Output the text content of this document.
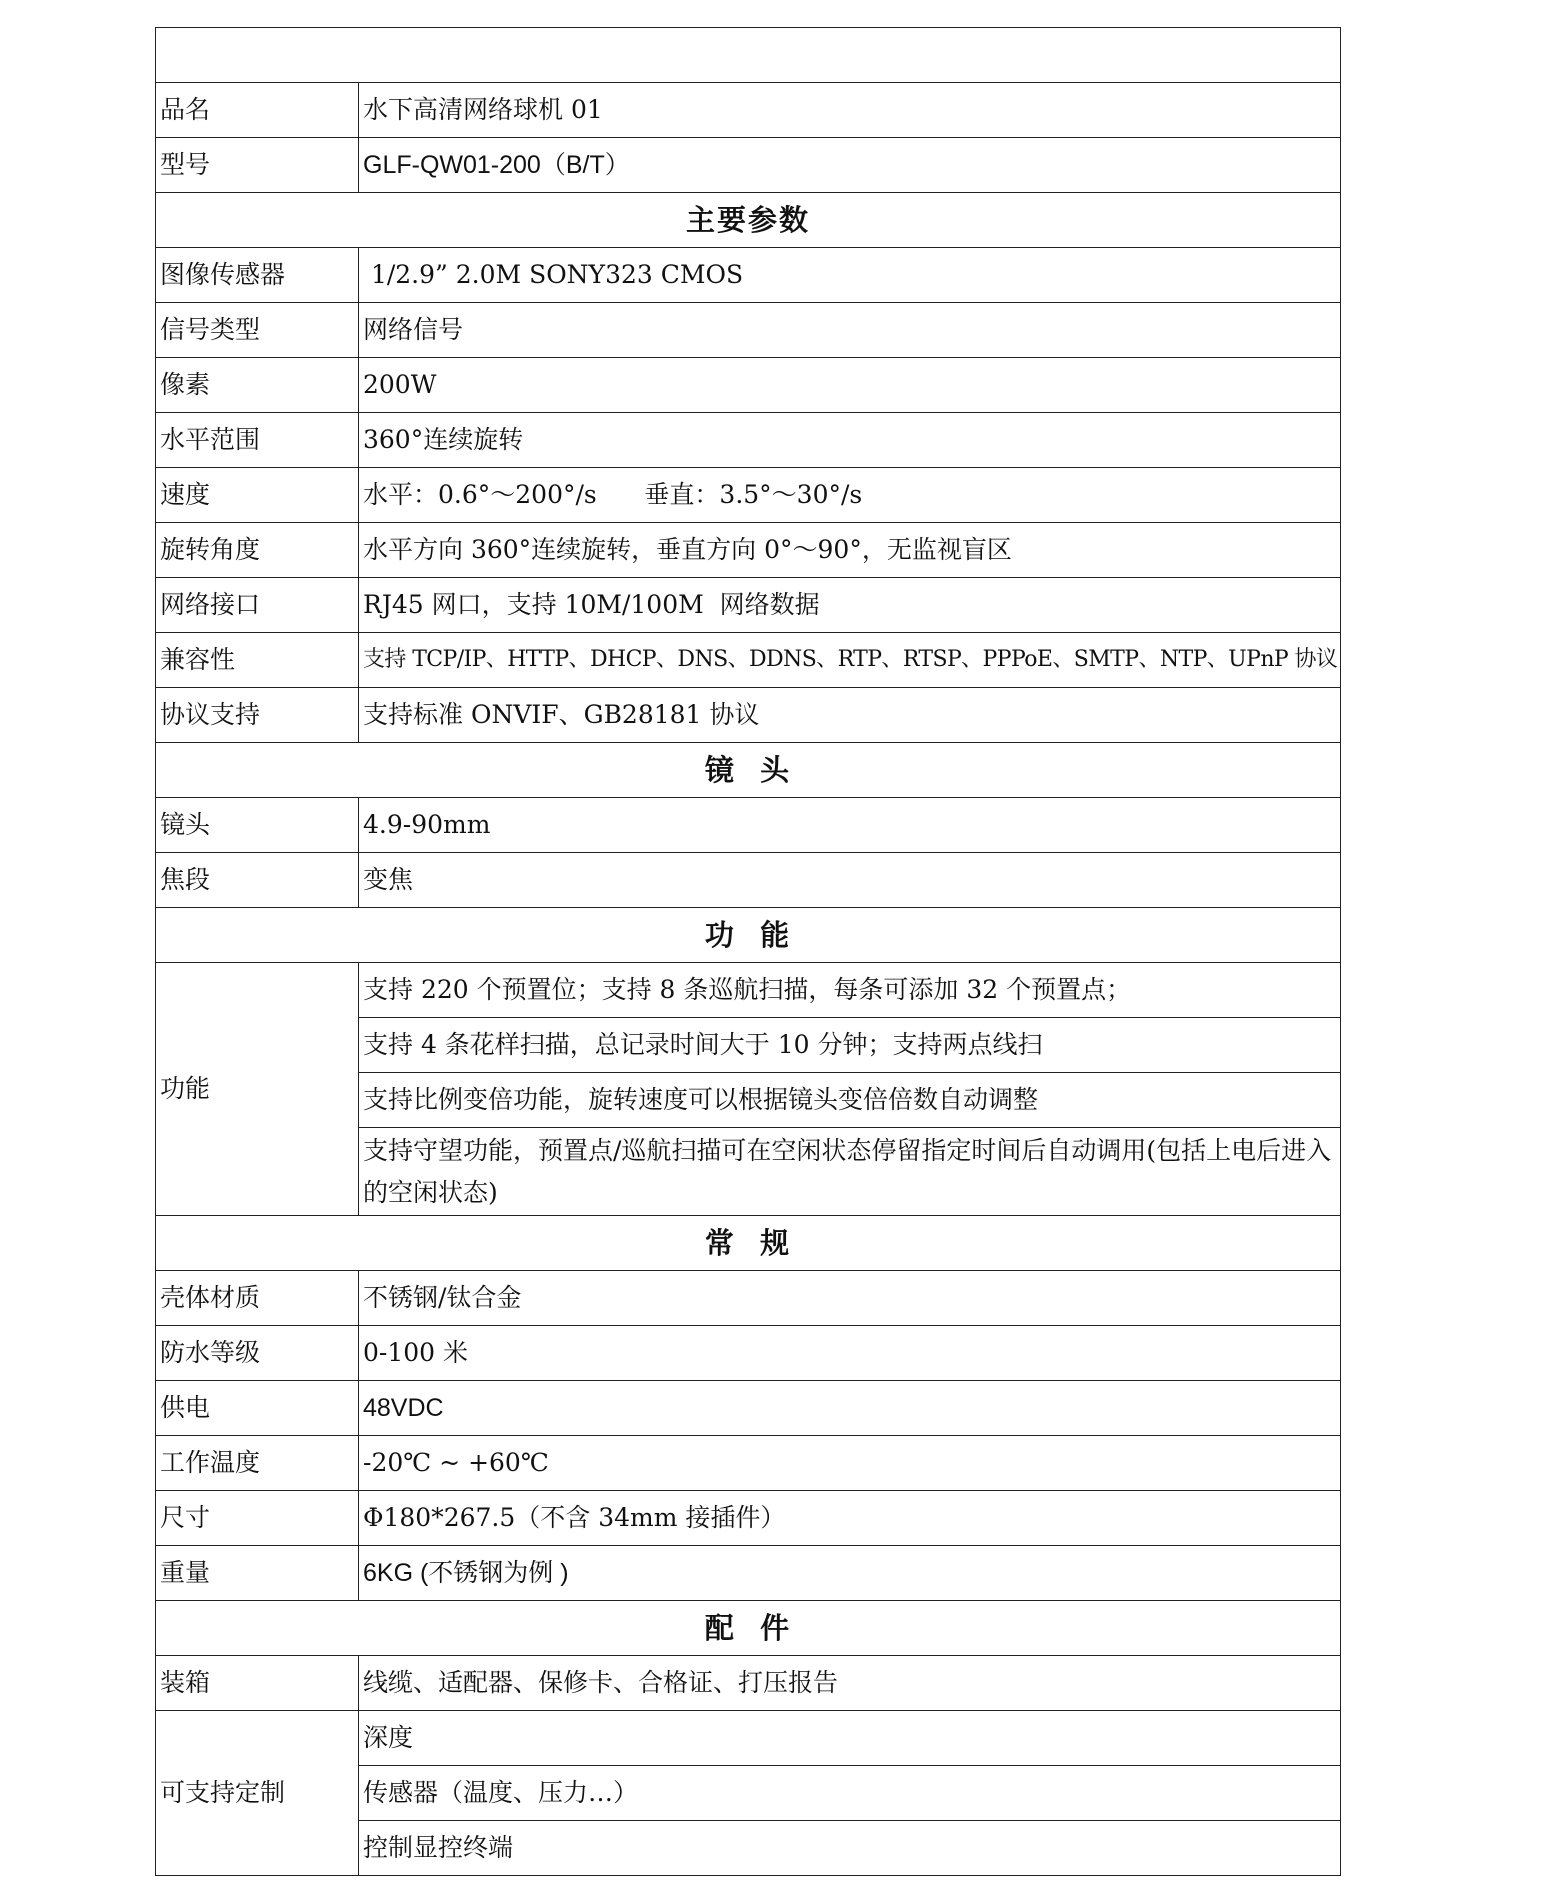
品名	水下高清网络球机 01
型号	GLF-QW01-200（B/T）
主要参数	
图像传感器	1/2.9” 2.0M SONY323 CMOS
信号类型	网络信号
像素	200W
水平范围	360°连续旋转
速度	水平：0.6°～200°/s      垂直：3.5°～30°/s
旋转角度	水平方向 360°连续旋转，垂直方向 0°～90°，无监视盲区
网络接口	RJ45 网口，支持 10M/100M  网络数据
兼容性	支持 TCP/IP、HTTP、DHCP、DNS、DDNS、RTP、RTSP、PPPoE、SMTP、NTP、UPnP 协议
协议支持	支持标准 ONVIF、GB28181 协议
镜  头	
镜头	4.9-90mm
焦段	变焦
功  能	
功能	支持 220 个预置位；支持 8 条巡航扫描，每条可添加 32 个预置点；
	支持 4 条花样扫描，总记录时间大于 10 分钟；支持两点线扫
	支持比例变倍功能，旋转速度可以根据镜头变倍倍数自动调整
	支持守望功能，预置点/巡航扫描可在空闲状态停留指定时间后自动调用(包括上电后进入的空闲状态)
常  规	
壳体材质	不锈钢/钛合金
防水等级	0-100 米
供电	48VDC
工作温度	-20℃ ~ +60℃
尺寸	Φ180*267.5（不含 34mm 接插件）
重量	6KG (不锈钢为例 )
配  件	
装箱	线缆、适配器、保修卡、合格证、打压报告
可支持定制	深度
	传感器（温度、压力…）
	控制显控终端
